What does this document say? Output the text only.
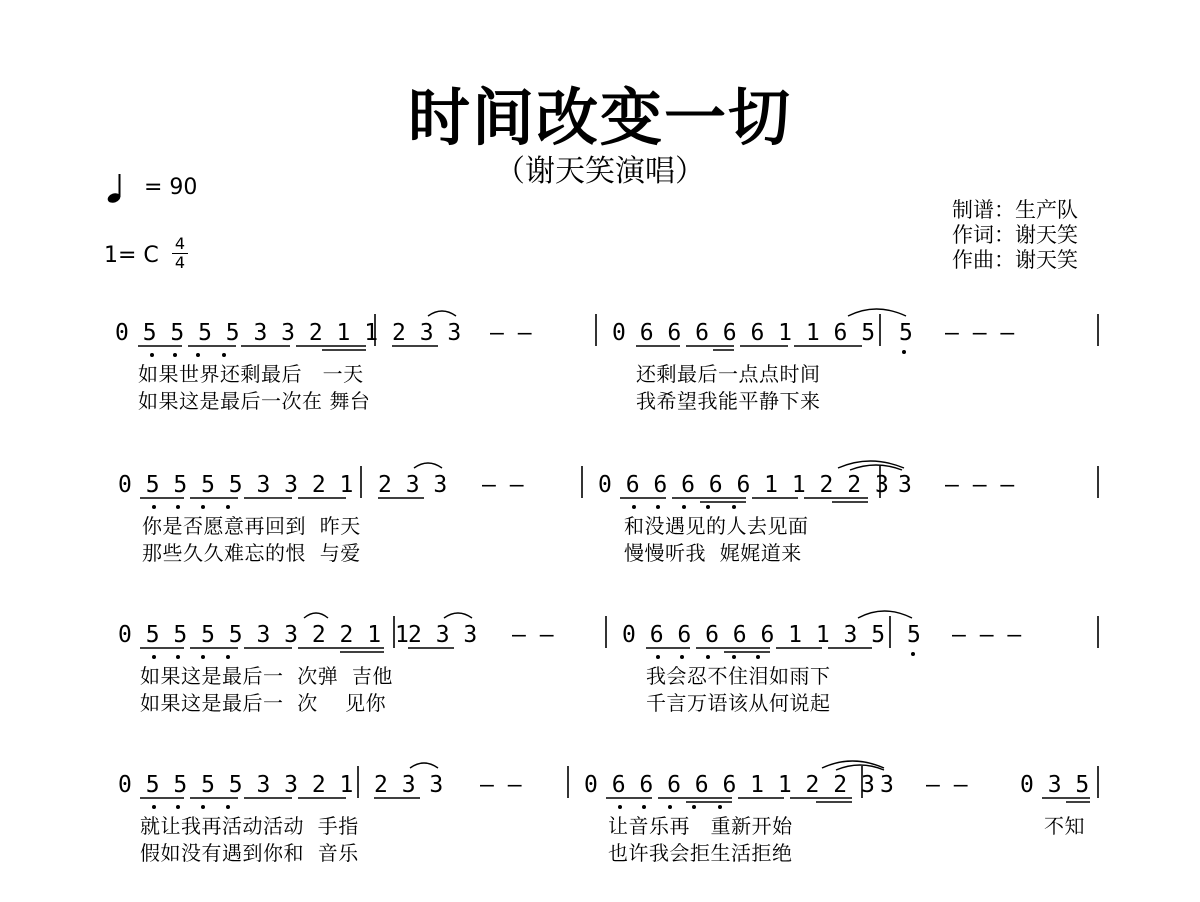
时间改变一切
（谢天笑演唱）
= 90
1= C 4
4
制谱：生产队
作词：谢天笑
作曲：谢天笑
0 5 5 5 5 3 3 2 1 1 2 3 3	0 6 6 6 6 6 1 1 6 5 5
— —	— — —
如果世界还剩最后   一天
如果这是最后一次在 舞台
还剩最后一点点时间
我希望我能平静下来
0 5 5 5 5 3 3 2 1 2 3 3	0 6 6 6 6 6 1 1 2 2 3 3
— —	— — —
你是否愿意再回到  昨天
那些久久难忘的恨  与爱
和没遇见的人去见面
慢慢听我  娓娓道来
0 5 5 5 5 3 3 2 2 1 1 2 3 3	0 6 6 6 6 6 1 1 3 5 5
— —	— — —
如果这是最后一  次弹  吉他
如果这是最后一  次    见你
我会忍不住泪如雨下
千言万语该从何说起
0 5 5 5 5 3 3 2 1 2 3 3	0 6 6 6 6 6 1 1 2 2 3 3	0 3 5
— —
— —
就让我再活动活动  手指
假如没有遇到你和  音乐
让音乐再   重新开始
也许我会拒生活拒绝
不知
